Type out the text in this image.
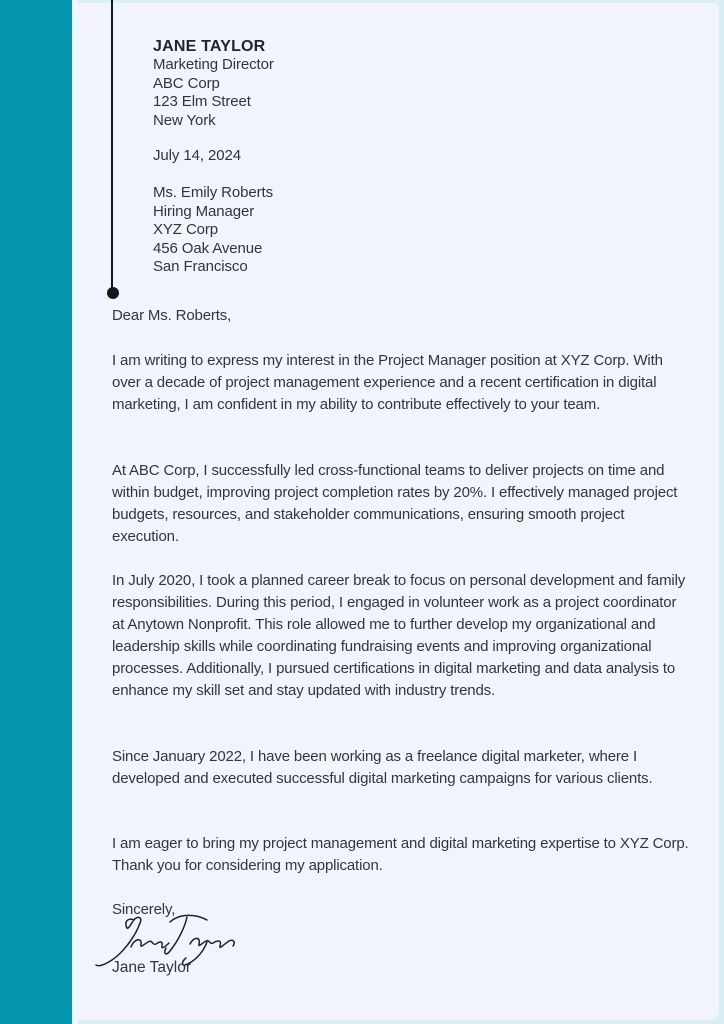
JANE TAYLOR
Marketing Director
ABC Corp
123 Elm Street
New York
July 14, 2024
Ms. Emily Roberts
Hiring Manager
XYZ Corp
456 Oak Avenue
San Francisco
Dear Ms. Roberts,
I am writing to express my interest in the Project Manager position at XYZ Corp. With over a decade of project management experience and a recent certification in digital marketing, I am confident in my ability to contribute effectively to your team.
At ABC Corp, I successfully led cross-functional teams to deliver projects on time and within budget, improving project completion rates by 20%. I effectively managed project budgets, resources, and stakeholder communications, ensuring smooth project execution.
In July 2020, I took a planned career break to focus on personal development and family responsibilities. During this period, I engaged in volunteer work as a project coordinator at Anytown Nonprofit. This role allowed me to further develop my organizational and leadership skills while coordinating fundraising events and improving organizational processes. Additionally, I pursued certifications in digital marketing and data analysis to enhance my skill set and stay updated with industry trends.
Since January 2022, I have been working as a freelance digital marketer, where I developed and executed successful digital marketing campaigns for various clients.
I am eager to bring my project management and digital marketing expertise to XYZ Corp. Thank you for considering my application.
Sincerely,
Jane Taylor
